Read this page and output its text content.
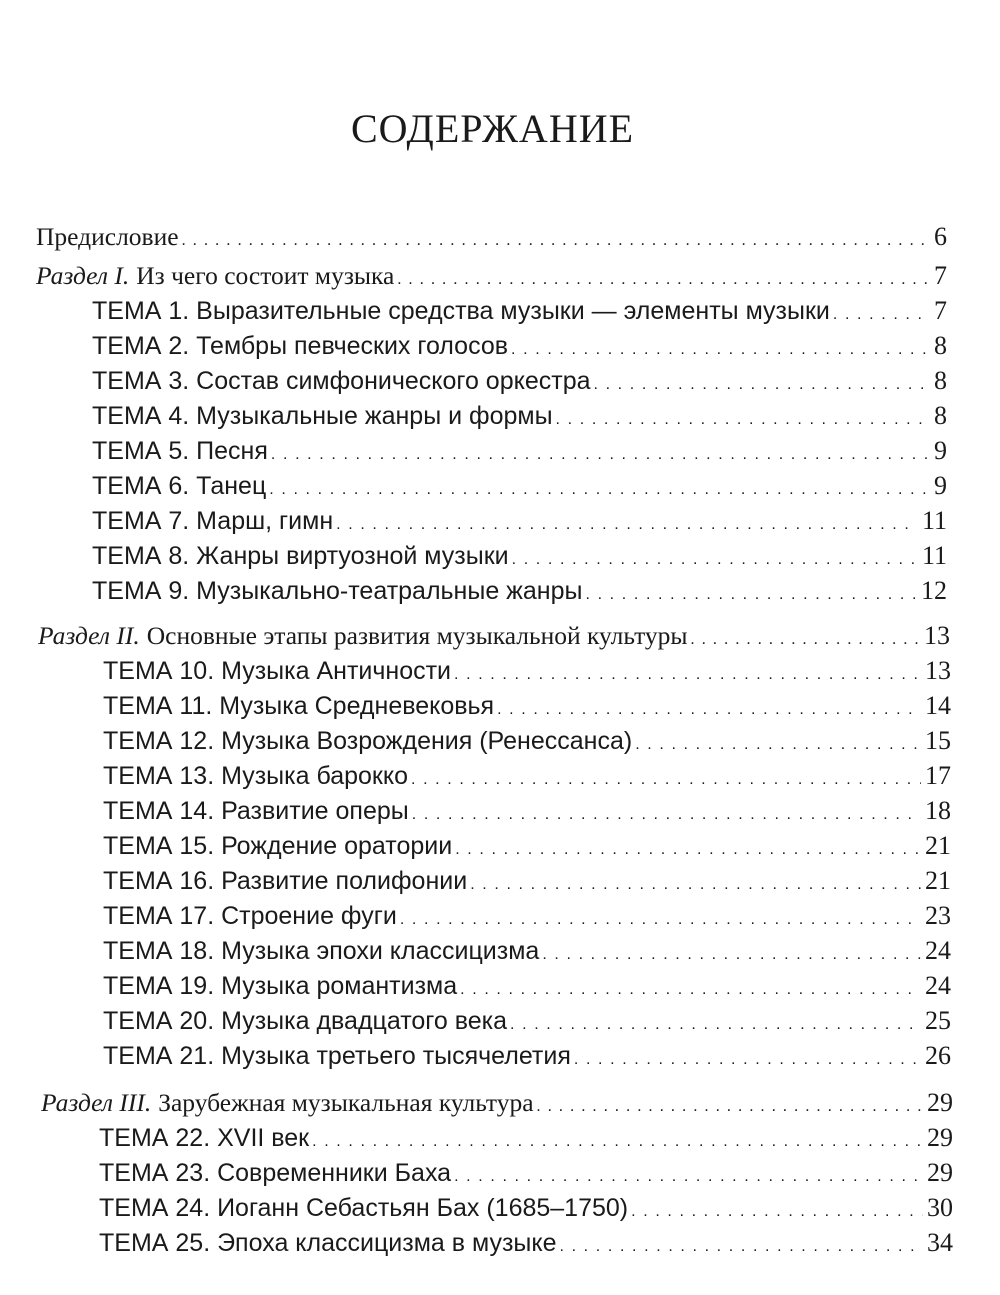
СОДЕРЖАНИЕ
Предисловие . . .	6
Раздел I. Из чего состоит музыка . . .	7
ТЕМА 1. Выразительные средства музыки — элементы музыки . . .	7
ТЕМА 2. Тембры певческих голосов . . .	8
ТЕМА 3. Состав симфонического оркестра . . .	8
ТЕМА 4. Музыкальные жанры и формы . . .	8
ТЕМА 5. Песня . . .	9
ТЕМА 6. Танец . . .	9
ТЕМА 7. Марш, гимн . . .	11
ТЕМА 8. Жанры виртуозной музыки . . .	11
ТЕМА 9. Музыкально-театральные жанры . . .	12
Раздел II. Основные этапы развития музыкальной культуры . . .	13
ТЕМА 10. Музыка Античности . . .	13
ТЕМА 11. Музыка Средневековья . . .	14
ТЕМА 12. Музыка Возрождения (Ренессанса) . . .	15
ТЕМА 13. Музыка барокко . . .	17
ТЕМА 14. Развитие оперы . . .	18
ТЕМА 15. Рождение оратории . . .	21
ТЕМА 16. Развитие полифонии . . .	21
ТЕМА 17. Строение фуги . . .	23
ТЕМА 18. Музыка эпохи классицизма . . .	24
ТЕМА 19. Музыка романтизма . . .	24
ТЕМА 20. Музыка двадцатого века . . .	25
ТЕМА 21. Музыка третьего тысячелетия . . .	26
Раздел III. Зарубежная музыкальная культура . . .	29
ТЕМА 22. XVII век . . .	29
ТЕМА 23. Современники Баха . . .	29
ТЕМА 24. Иоганн Себастьян Бах (1685–1750) . . .	30
ТЕМА 25. Эпоха классицизма в музыке . . .	34
